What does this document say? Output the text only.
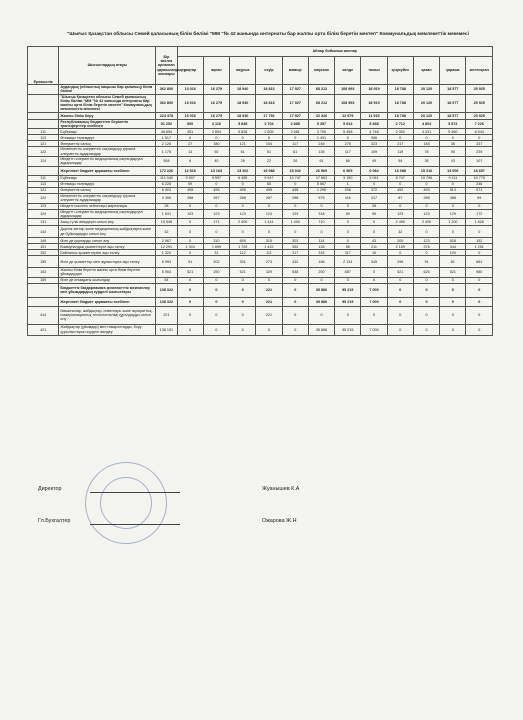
"Шығыс Қазақстан облысы Семей қаласының білім бөлімі "ММ "№ 42 жанында интернаты бар жалпы орта білім беретін мектеп" Коммунальдық мемлекеттік мекемесі
Ерекшелік	Шығыстардың атауы	Бір жылға арналған қаржыландыру жоспары	Айлар бойынша жоспар											
			қаңтар	ақпан	наурыз	сәуір	мамыр	маусым	шілде	тамыз	қыркүйек	қазан	қараша	желтоқсан
	Аудандық (облыстық маңызы бар қаланың) білім бөлімі	362 800	13 016	16 279	18 940	18 813	17 927	68 212	108 993	18 919	18 788	20 120	18 577	25 925
	"Шығыс Қазақстан облысы Семей қаласының білім бөлімі "ММ "№ 42 жанында интернаты бар жалпы орта білім беретін мектеп" Коммунальдық мемлекеттік мекемесі	362 800	13 016	16 279	18 940	18 813	17 927	68 212	108 993	18 919	18 788	20 120	18 577	25 925
	Жалпы білім беру	224 478	13 016	16 279	18 940	17 792	17 927	32 326	12 979	11 919	18 788	20 120	18 577	25 925
	Республикалық бюджеттен берілетін трансферттер есебінен	51 252	500	3 116	5 838	2 704	2 885	5 357	5 914	5 838	2 712	4 804	5 572	7 226
111	Еңбекақы	46 694	451	2 804	5 626	2 605	2 681	3 705	5 458	4 748	2 352	4 341	5 460	6 544
113	Өтемақы төлемдері	1 517	0	0	0	0	0	1 431	0	306	0	0	0	0
121	Әлеуметтік салық	2 126	27	180	121	104	117	245	275	323	217	184	36	337
122	Мемлекеттік әлеуметтік сақтандыру қорына әлеуметтік аударымдар	1 175	14	92	61	51	61	135	117	109	119	78	95	239
124	Міндетті әлеуметтік медициналық сақтандыруға аударымдар	558	6	40	26	22	26	61	66	49	54	36	43	107
	Жергілікті бюджет қаражаты есебінен	172 226	12 516	13 163	13 102	15 088	15 042	26 969	6 965	6 084	16 088	15 316	13 006	18 697
111	Еңбекақы	111 040	9 597	9 597	6 485	9 947	10 747	17 663	3 150	5 041	8 747	10 796	9 111	10 775
113	Өтемақы төлемдері	6 228	59	0	0	65	0	5 857	1	0	0	0	0	246
121	Әлеуметтік салық	6 403	495	495	495	495	495	1 296	208	372	492	493	513	571
122	Мемлекеттік әлеуметтік сақтандыру қорына әлеуметтік аударымдар	3 306	288	287	288	287	288	575	116	217	87	288	488	59
123	Міндетті кәсіптік зейнетақы жарналары	28	0	0	0	0	0	0	0	28	0	0	0	0
124	Міндетті әлеуметтік медициналық сақтандыруға аударымдар	1 631	123	123	123	123	123	318	50	95	123	123	129	172
131	Азық-түлік өнімдерін сатып алу	15 948	0	171	2 400	1 441	1 400	710	0	0	2 490	2 400	1 200	1 826
142	Дәрілік заттар және медициналық жабдықтарға және де бұйымдарды сатып алу	32	0	0	0	0	0	0	0	0	32	0	0	0
149	Өзге де қорларды сатып алу	2 967	0	310	659	315	303	114	0	43	200	123	528	152
151	Коммуналдық қызметтерге ақы төлеу	12 291	1 344	1 699	1 720	1 422	352	126	56	211	2 159	376	344	1 251
152	Байланыс қызметтеріне ақы төлеу	1 320	0	31	112	111	317	316	317	16	0	0	100	0
159	Өзге де қызметтер мен жұмыстарға ақы төлеу	5 993	91	202	301	273	432	166	2 134	345	296	91	81	681
163	Жалпы білім беретін жалпы орта білім беретін ұйымдардан	5 954	521	250	521	329	548	250	887	0	521	626	521	980
169	Өзге де ағымдағы шығындар	54	0	0	0	0	0	0	0	0	0	0	0	0
	Бюджеттік бағдарламаға мемлекеттік мекемелер мен ұйымдардың күрделі шығыстары	138 322	0	0	0	221	0	35 886	95 215	7 000	0	0	0	0
	Жергілікті бюджет қаражаты есебінен	138 322	0	0	0	221	0	35 886	95 215	7 000	0	0	0	0
414	Машиналар, жабдықтар, инвентарь және ақпараттық-коммуникациялық технологиялық құралдарды сатып алу	221	0	0	0	221	0	0	0	0	0	0	0	0
421	Жабдықтар (ұйымдар) мен ғимараттарды, бору құрылыстарын күрделі жөндеу	138 101	0	0	0	0	0	35 886	95 215	7 000	0	0	0	0
Директор	Жуанышев К.А
Гл.Бухгалтер	Ожарова Ж.Н
